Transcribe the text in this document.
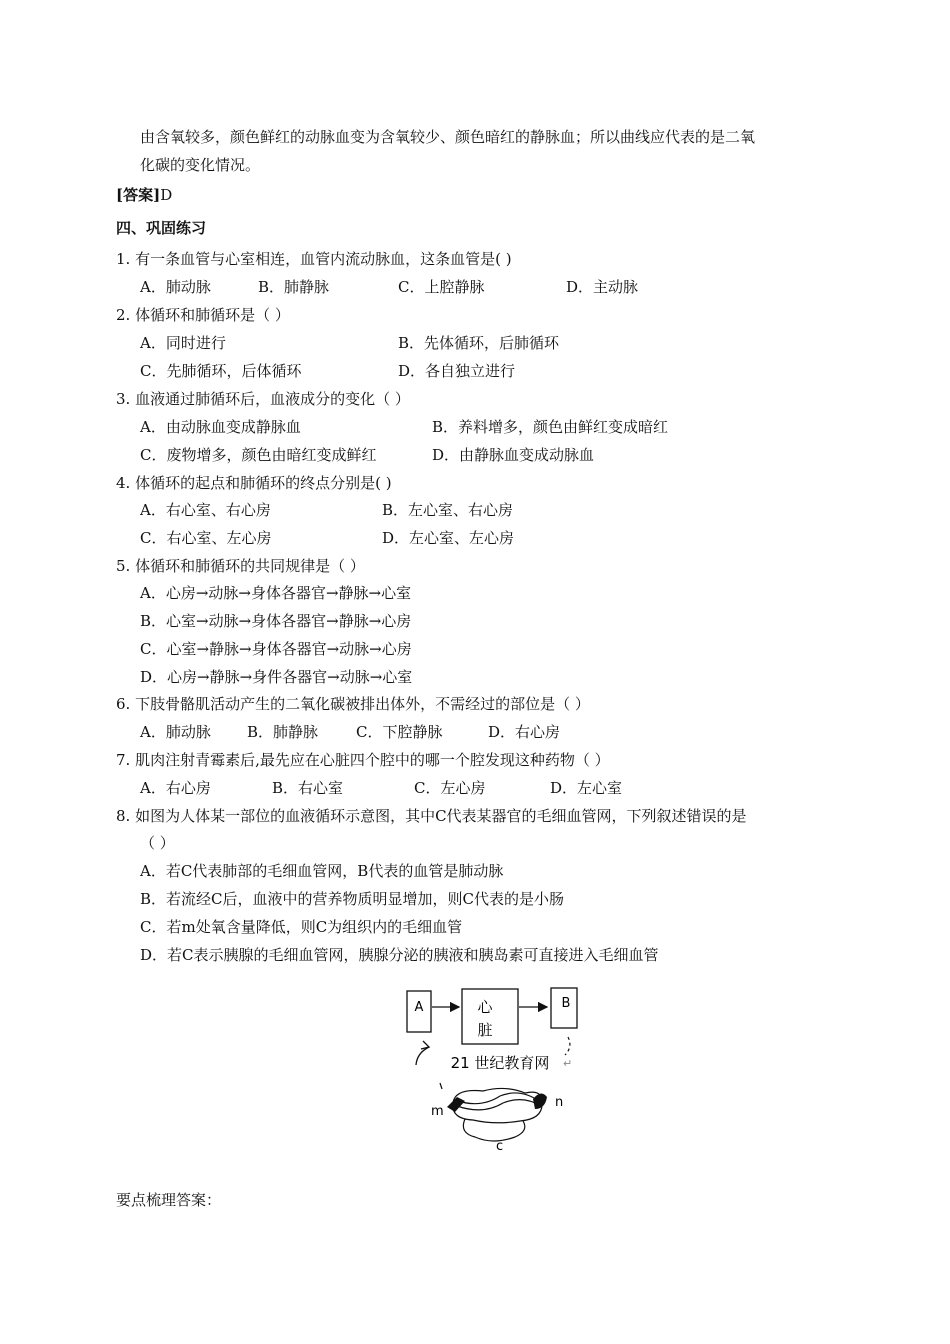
由含氧较多，颜色鲜红的动脉血变为含氧较少、颜色暗红的静脉血；所以曲线应代表的是二氧
化碳的变化情况。
[答案]D
四、巩固练习
1. 有一条血管与心室相连，血管内流动脉血，这条血管是( )
A．肺动脉	B．肺静脉	C．上腔静脉	D．主动脉
2. 体循环和肺循环是（ ）
A．同时进行	B．先体循环，后肺循环
C．先肺循环，后体循环	D．各自独立进行
3. 血液通过肺循环后，血液成分的变化（ ）
A．由动脉血变成静脉血	B．养料增多，颜色由鲜红变成暗红
C．废物增多，颜色由暗红变成鲜红	D．由静脉血变成动脉血
4. 体循环的起点和肺循环的终点分别是( )
A．右心室、右心房	B．左心室、右心房
C．右心室、左心房	D．左心室、左心房
5. 体循环和肺循环的共同规律是（ ）
A．心房→动脉→身体各器官→静脉→心室
B．心室→动脉→身体各器官→静脉→心房
C．心室→静脉→身体各器官→动脉→心房
D．心房→静脉→身件各器官→动脉→心室
6. 下肢骨骼肌活动产生的二氧化碳被排出体外，不需经过的部位是（ ）
A．肺动脉 B．肺静脉	C．下腔静脉	D．右心房
7. 肌肉注射青霉素后,最先应在心脏四个腔中的哪一个腔发现这种药物（ ）
A．右心房	B．右心室	C．左心房	D．左心室
8. 如图为人体某一部位的血液循环示意图，其中C代表某器官的毛细血管网，下列叙述错误的是
（ ）
A．若C代表肺部的毛细血管网，B代表的血管是肺动脉
B．若流经C后，血液中的营养物质明显增加，则C代表的是小肠
C．若m处氧含量降低，则C为组织内的毛细血管
D．若C表示胰腺的毛细血管网，胰腺分泌的胰液和胰岛素可直接进入毛细血管
A	心
脏
B
21 世纪教育网 ↵
m
n
c
要点梳理答案：
